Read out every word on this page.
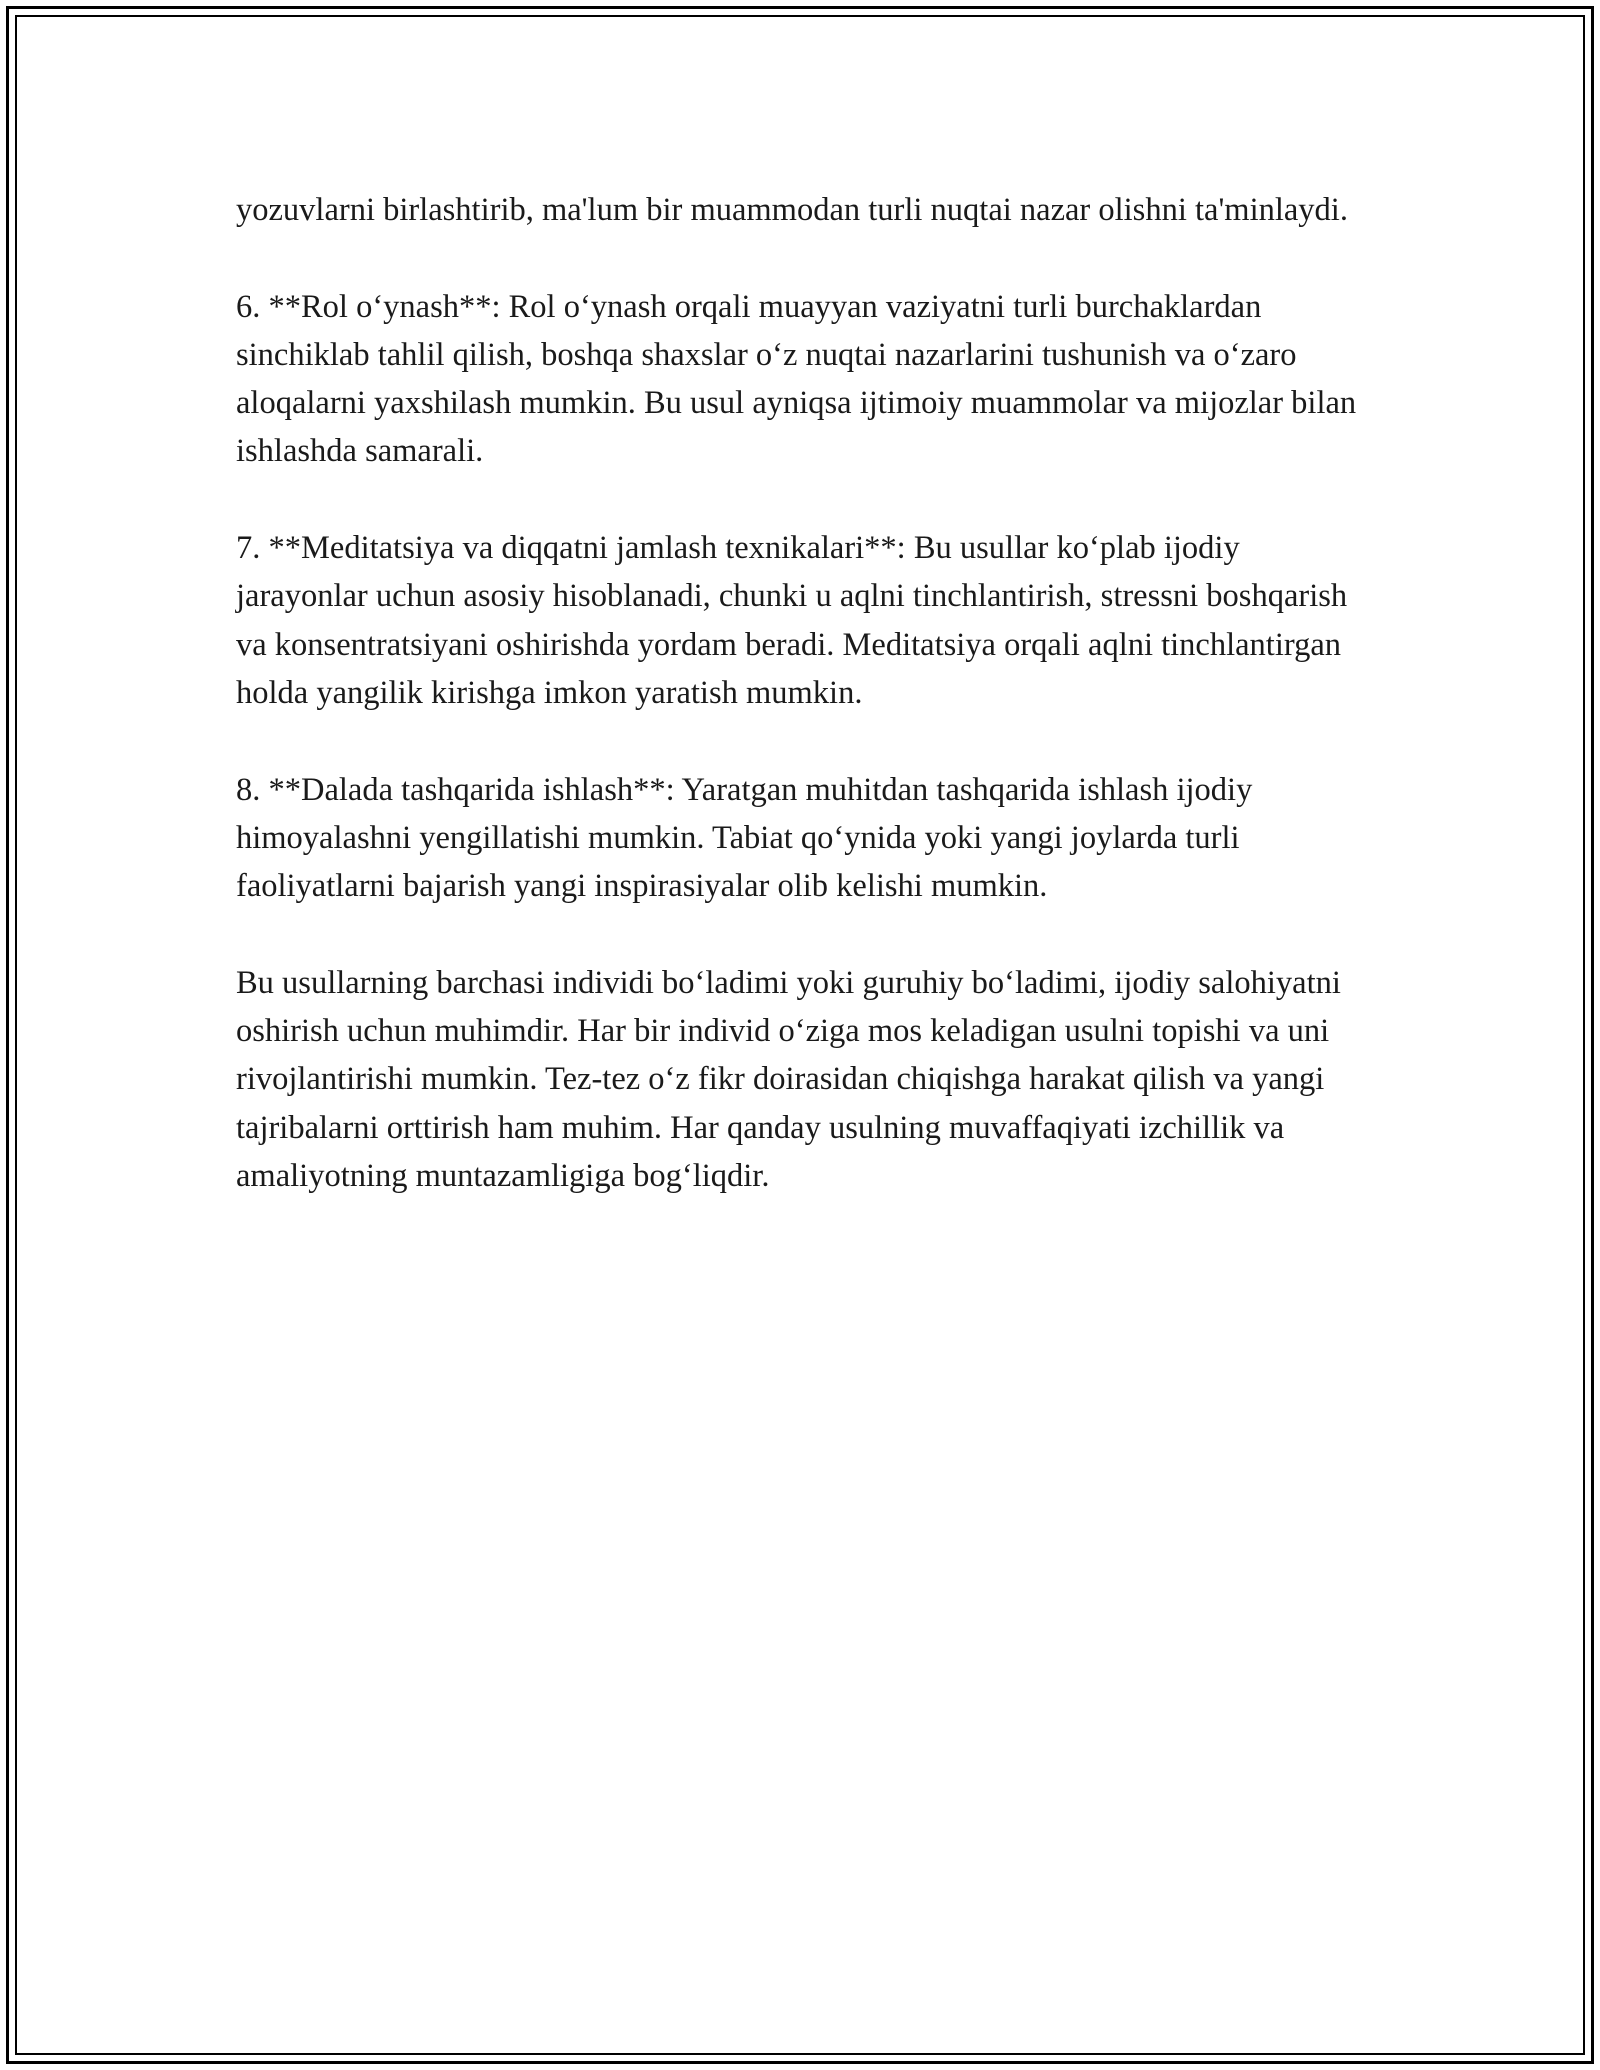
yozuvlarni birlashtirib, ma'lum bir muammodan turli nuqtai nazar olishni ta'minlaydi.

6. **Rol oʻynash**: Rol oʻynash orqali muayyan vaziyatni turli burchaklardan sinchiklab tahlil qilish, boshqa shaxslar oʻz nuqtai nazarlarini tushunish va oʻzaro aloqalarni yaxshilash mumkin. Bu usul ayniqsa ijtimoiy muammolar va mijozlar bilan ishlashda samarali.

7. **Meditatsiya va diqqatni jamlash texnikalari**: Bu usullar koʻplab ijodiy jarayonlar uchun asosiy hisoblanadi, chunki u aqlni tinchlantirish, stressni boshqarish va konsentratsiyani oshirishda yordam beradi. Meditatsiya orqali aqlni tinchlantirgan holda yangilik kirishga imkon yaratish mumkin.

8. **Dalada tashqarida ishlash**: Yaratgan muhitdan tashqarida ishlash ijodiy himoyalashni yengillatishi mumkin. Tabiat qoʻynida yoki yangi joylarda turli faoliyatlarni bajarish yangi inspirasiyalar olib kelishi mumkin.

Bu usullarning barchasi individi boʻladimi yoki guruhiy boʻladimi, ijodiy salohiyatni oshirish uchun muhimdir. Har bir individ oʻziga mos keladigan usulni topishi va uni rivojlantirishi mumkin. Tez-tez oʻz fikr doirasidan chiqishga harakat qilish va yangi tajribalarni orttirish ham muhim. Har qanday usulning muvaffaqiyati izchillik va amaliyotning muntazamligiga bogʻliqdir.
